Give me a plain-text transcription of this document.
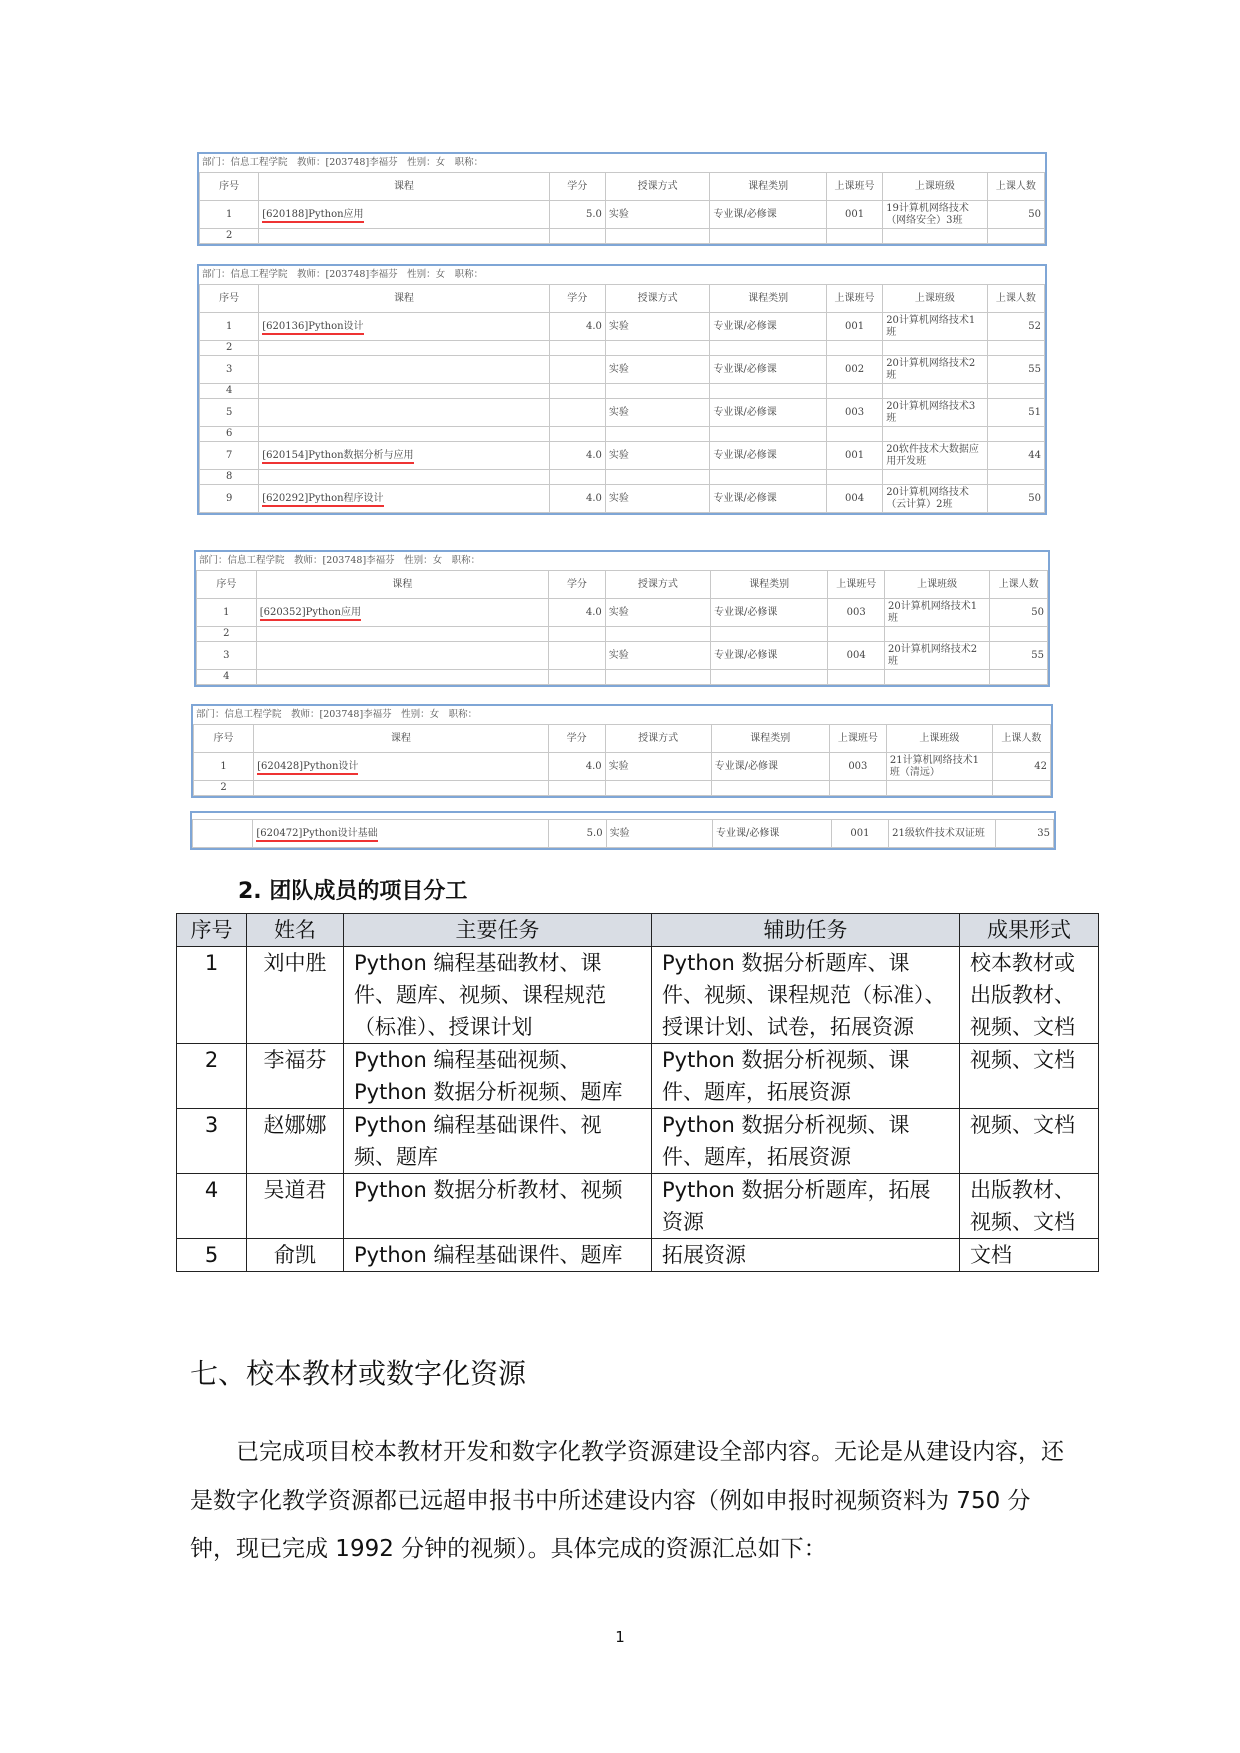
部门：信息工程学院　教师：[203748]李福芬　性别：女　职称：
序号	课程	学分	授课方式	课程类别	上课班号	上课班级	上课人数
1	[620188]Python应用	5.0	实验	专业课/必修课	001	19计算机网络技术（网络安全）3班	50
2							
部门：信息工程学院　教师：[203748]李福芬　性别：女　职称：
序号	课程	学分	授课方式	课程类别	上课班号	上课班级	上课人数
1	[620136]Python设计	4.0	实验	专业课/必修课	001	20计算机网络技术1班	52
2							
3			实验	专业课/必修课	002	20计算机网络技术2班	55
4							
5			实验	专业课/必修课	003	20计算机网络技术3班	51
6							
7	[620154]Python数据分析与应用	4.0	实验	专业课/必修课	001	20软件技术大数据应用开发班	44
8							
9	[620292]Python程序设计	4.0	实验	专业课/必修课	004	20计算机网络技术（云计算）2班	50
部门：信息工程学院　教师：[203748]李福芬　性别：女　职称：
序号	课程	学分	授课方式	课程类别	上课班号	上课班级	上课人数
1	[620352]Python应用	4.0	实验	专业课/必修课	003	20计算机网络技术1班	50
2							
3			实验	专业课/必修课	004	20计算机网络技术2班	55
4							
部门：信息工程学院　教师：[203748]李福芬　性别：女　职称：
序号	课程	学分	授课方式	课程类别	上课班号	上课班级	上课人数
1	[620428]Python设计	4.0	实验	专业课/必修课	003	21计算机网络技术1班（清远）	42
2							
	[620472]Python设计基础	5.0	实验	专业课/必修课	001	21级软件技术双证班	35
2. 团队成员的项目分工
序号	姓名	主要任务	辅助任务	成果形式
1	刘中胜	Python 编程基础教材、课件、题库、视频、课程规范（标准）、授课计划	Python 数据分析题库、课件、视频、课程规范（标准）、授课计划、试卷，拓展资源	校本教材或出版教材、视频、文档
2	李福芬	Python 编程基础视频、Python 数据分析视频、题库	Python 数据分析视频、课件、题库，拓展资源	视频、文档
3	赵娜娜	Python 编程基础课件、视频、题库	Python 数据分析视频、课件、题库，拓展资源	视频、文档
4	吴道君	Python 数据分析教材、视频	Python 数据分析题库，拓展资源	出版教材、视频、文档
5	俞凯	Python 编程基础课件、题库	拓展资源	文档
七、校本教材或数字化资源
已完成项目校本教材开发和数字化教学资源建设全部内容。无论是从建设内容，还是数字化教学资源都已远超申报书中所述建设内容（例如申报时视频资料为 750 分钟，现已完成 1992 分钟的视频）。具体完成的资源汇总如下：
1
